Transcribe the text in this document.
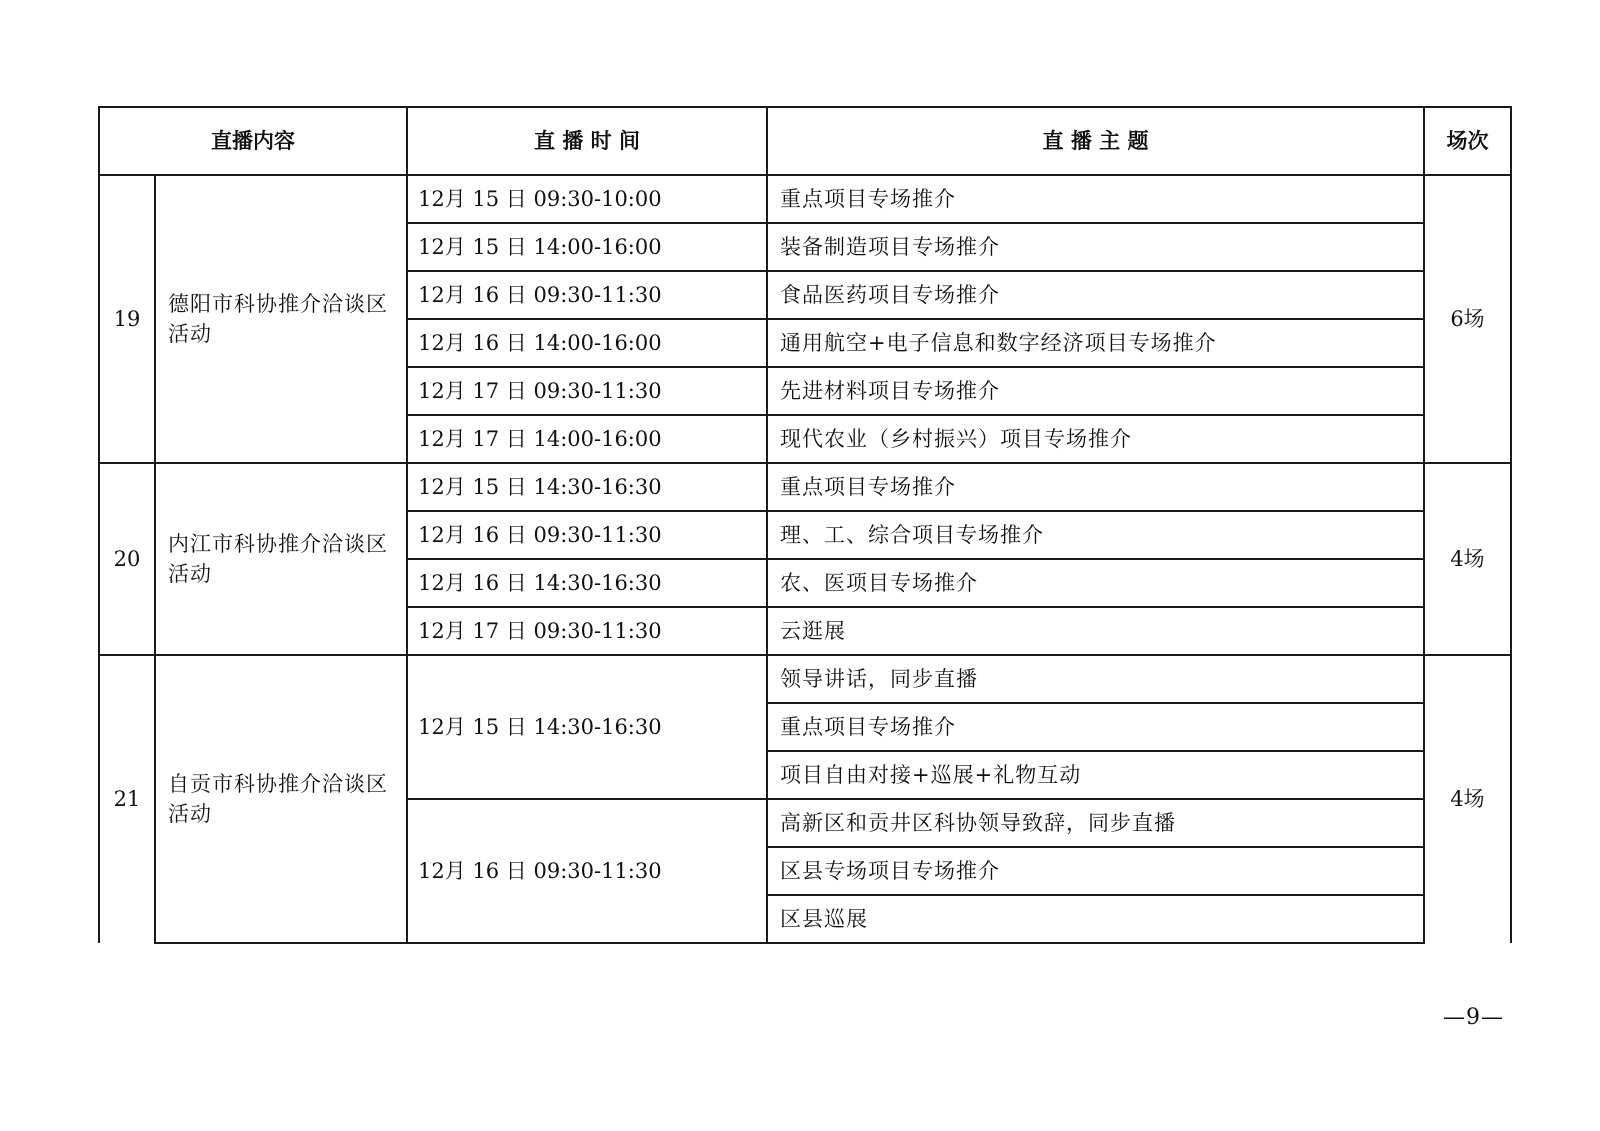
直播内容		直 播 时 间	直 播 主 题	场次
19	德阳市科协推介洽谈区活动	12月 15 日 09:30-10:00	重点项目专场推介	6场
		12月 15 日 14:00-16:00	装备制造项目专场推介	
		12月 16 日 09:30-11:30	食品医药项目专场推介	
		12月 16 日 14:00-16:00	通用航空+电子信息和数字经济项目专场推介	
		12月 17 日 09:30-11:30	先进材料项目专场推介	
		12月 17 日 14:00-16:00	现代农业（乡村振兴）项目专场推介	
20	内江市科协推介洽谈区活动	12月 15 日 14:30-16:30	重点项目专场推介	4场
		12月 16 日 09:30-11:30	理、工、综合项目专场推介	
		12月 16 日 14:30-16:30	农、医项目专场推介	
		12月 17 日 09:30-11:30	云逛展	
21	自贡市科协推介洽谈区活动	12月 15 日 14:30-16:30	领导讲话，同步直播	4场
			重点项目专场推介	
			项目自由对接+巡展+礼物互动	
		12月 16 日 09:30-11:30	高新区和贡井区科协领导致辞，同步直播	
			区县专场项目专场推介	
			区县巡展	
—9—
